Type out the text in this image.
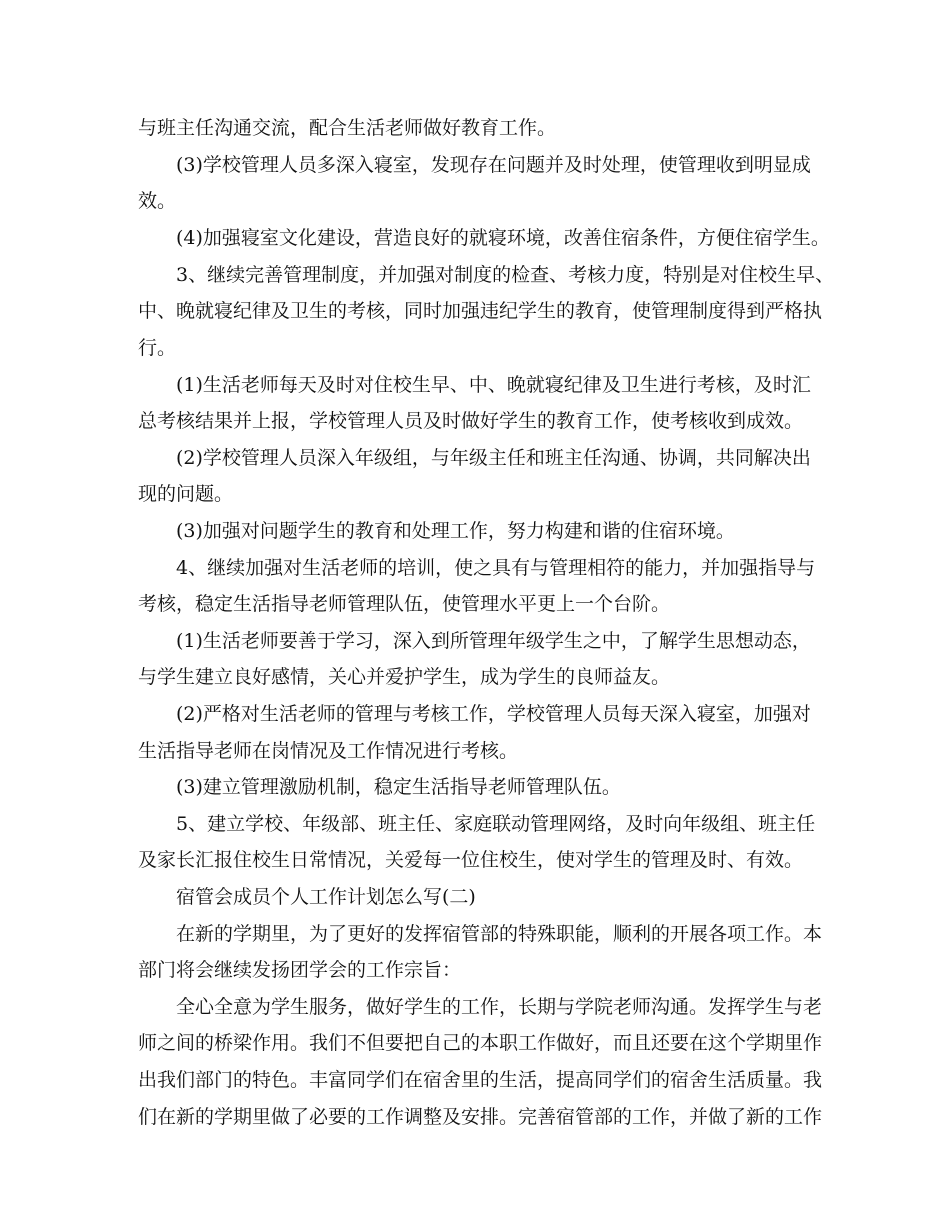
与班主任沟通交流，配合生活老师做好教育工作。

(3)学校管理人员多深入寝室，发现存在问题并及时处理，使管理收到明显成

效。

(4)加强寝室文化建设，营造良好的就寝环境，改善住宿条件，方便住宿学生。

3、继续完善管理制度，并加强对制度的检查、考核力度，特别是对住校生早、

中、晚就寝纪律及卫生的考核，同时加强违纪学生的教育，使管理制度得到严格执

行。

(1)生活老师每天及时对住校生早、中、晚就寝纪律及卫生进行考核，及时汇

总考核结果并上报，学校管理人员及时做好学生的教育工作，使考核收到成效。

(2)学校管理人员深入年级组，与年级主任和班主任沟通、协调，共同解决出

现的问题。

(3)加强对问题学生的教育和处理工作，努力构建和谐的住宿环境。

4、继续加强对生活老师的培训，使之具有与管理相符的能力，并加强指导与

考核，稳定生活指导老师管理队伍，使管理水平更上一个台阶。

(1)生活老师要善于学习，深入到所管理年级学生之中，了解学生思想动态，

与学生建立良好感情，关心并爱护学生，成为学生的良师益友。

(2)严格对生活老师的管理与考核工作，学校管理人员每天深入寝室，加强对

生活指导老师在岗情况及工作情况进行考核。

(3)建立管理激励机制，稳定生活指导老师管理队伍。

5、建立学校、年级部、班主任、家庭联动管理网络，及时向年级组、班主任

及家长汇报住校生日常情况，关爱每一位住校生，使对学生的管理及时、有效。

宿管会成员个人工作计划怎么写(二)

在新的学期里，为了更好的发挥宿管部的特殊职能，顺利的开展各项工作。本

部门将会继续发扬团学会的工作宗旨：

全心全意为学生服务，做好学生的工作，长期与学院老师沟通。发挥学生与老

师之间的桥梁作用。我们不但要把自己的本职工作做好，而且还要在这个学期里作

出我们部门的特色。丰富同学们在宿舍里的生活，提高同学们的宿舍生活质量。我

们在新的学期里做了必要的工作调整及安排。完善宿管部的工作，并做了新的工作
